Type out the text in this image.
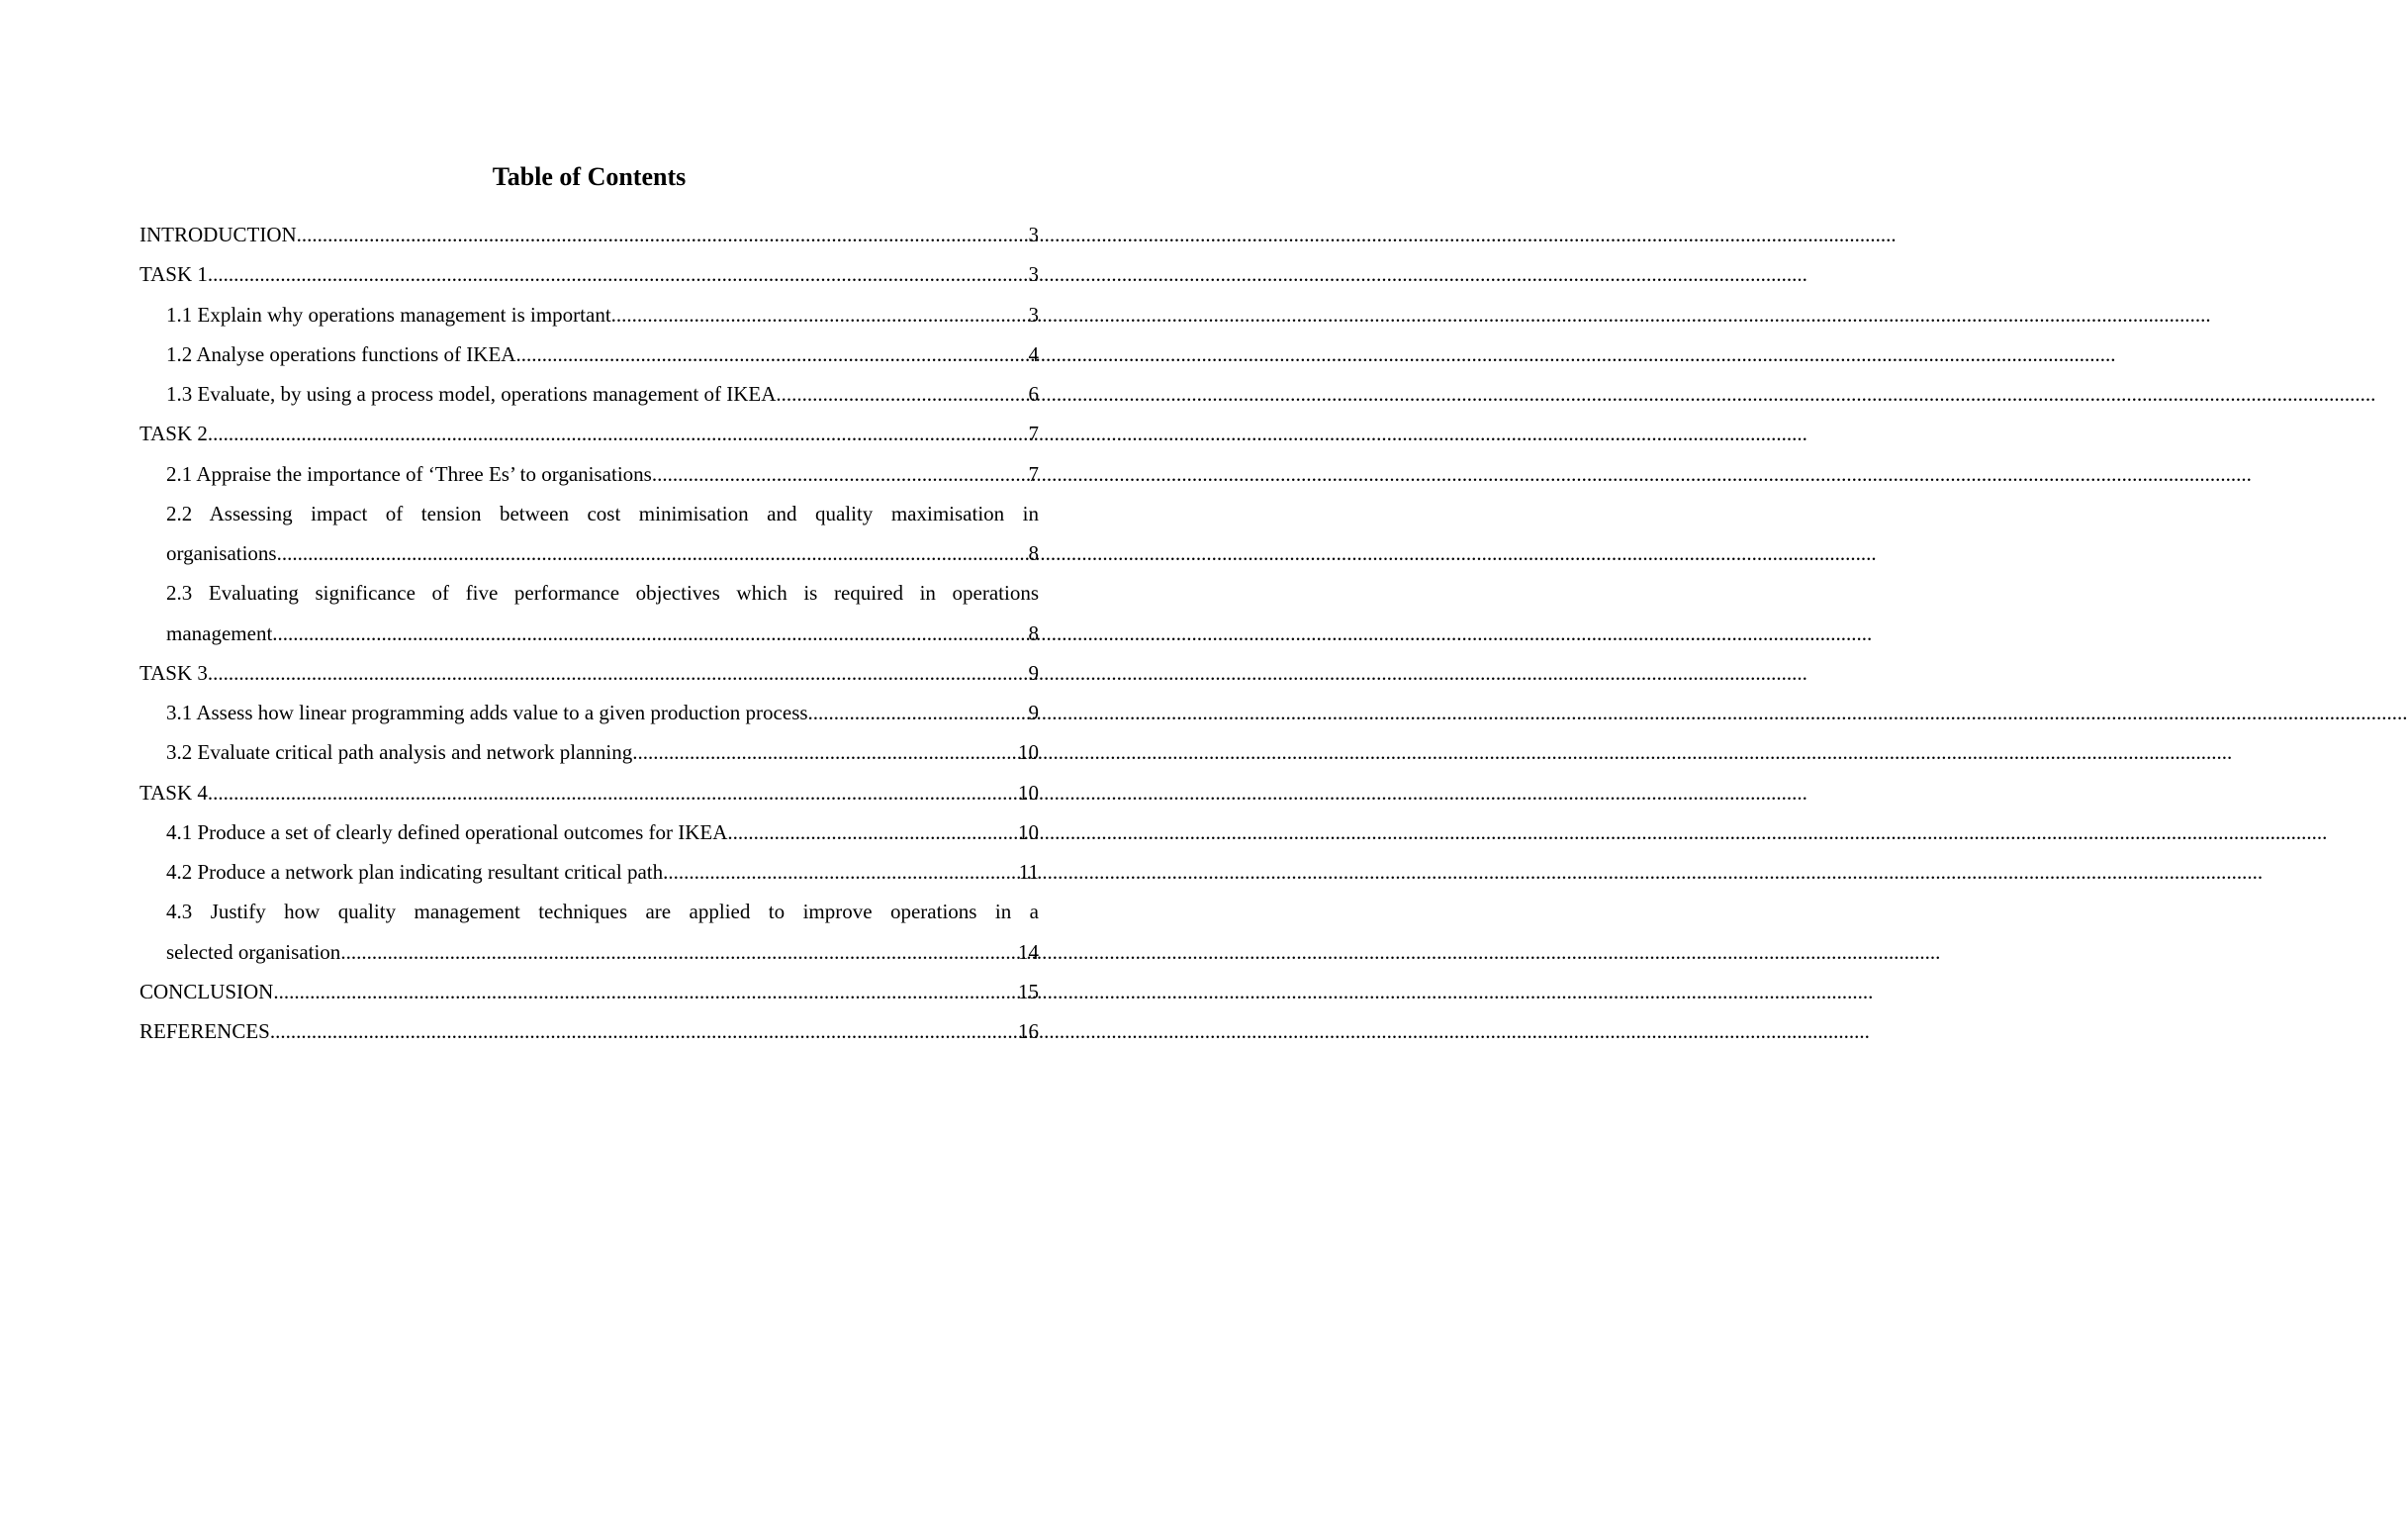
Table of Contents
INTRODUCTION .....	3
TASK 1 .....	3
1.1 Explain why operations management is important .....	3
1.2 Analyse operations functions of IKEA .....	4
1.3 Evaluate, by using a process model, operations management of IKEA .....	6
TASK 2 .....	7
2.1 Appraise the importance of ‘Three Es’ to organisations .....	7
2.2 Assessing impact of tension between cost minimisation and quality maximisation in
organisations .....	8
2.3 Evaluating significance of five performance objectives which is required in operations
management .....	8
TASK 3 .....	9
3.1 Assess how linear programming adds value to a given production process .....	9
3.2 Evaluate critical path analysis and network planning .....	10
TASK 4 .....	10
4.1 Produce a set of clearly defined operational outcomes for IKEA .....	10
4.2 Produce a network plan indicating resultant critical path .....	11
4.3 Justify how quality management techniques are applied to improve operations in a
selected organisation .....	14
CONCLUSION .....	15
REFERENCES .....	16
